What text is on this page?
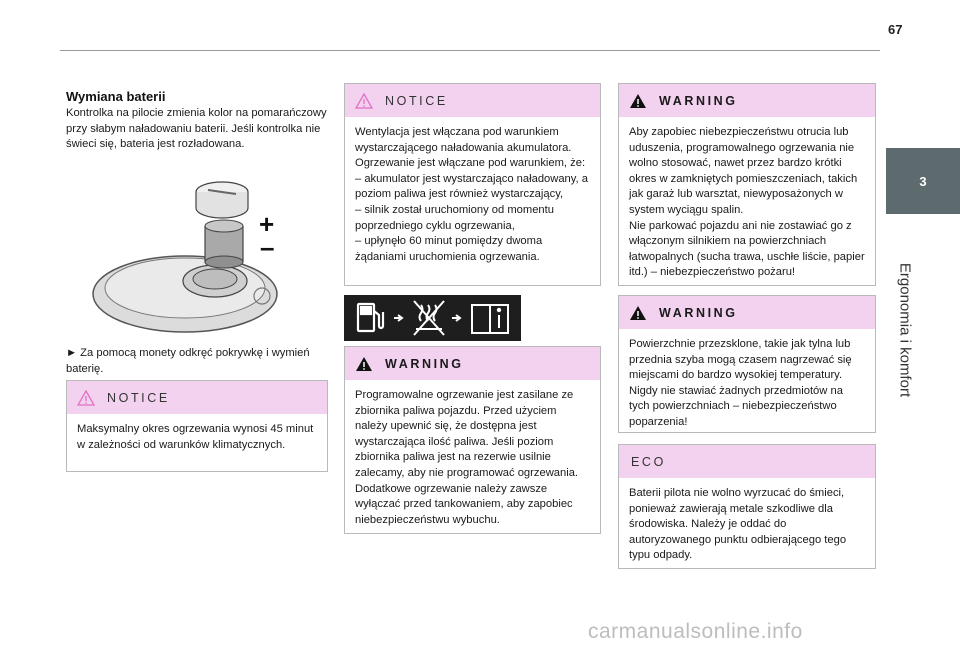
67
3
Ergonomia i komfort
Wymiana baterii

Kontrolka na pilocie zmienia kolor na pomarańczowy przy słabym naładowaniu baterii. Jeśli kontrolka nie świeci się, bateria jest rozładowana.

+
–

► Za pomocą monety odkręć pokrywkę i wymień baterię.

NOTICE
Maksymalny okres ogrzewania wynosi 45 minut w zależności od warunków klimatycznych.
NOTICE

Wentylacja jest włączana pod warunkiem wystarczającego naładowania akumulatora.

Ogrzewanie jest włączane pod warunkiem, że:

– akumulator jest wystarczająco naładowany, a poziom paliwa jest również wystarczający,

– silnik został uruchomiony od momentu poprzedniego cyklu ogrzewania,

– upłynęło 60 minut pomiędzy dwoma żądaniami uruchomienia ogrzewania.

WARNING
Programowalne ogrzewanie jest zasilane ze zbiornika paliwa pojazdu. Przed użyciem należy upewnić się, że dostępna jest wystarczająca ilość paliwa. Jeśli poziom zbiornika paliwa jest na rezerwie usilnie zalecamy, aby nie programować ogrzewania. Dodatkowe ogrzewanie należy zawsze wyłączać przed tankowaniem, aby zapobiec niebezpieczeństwu wybuchu.
WARNING

Aby zapobiec niebezpieczeństwu otrucia lub uduszenia, programowalnego ogrzewania nie wolno stosować, nawet przez bardzo krótki okres w zamkniętych pomieszczeniach, takich jak garaż lub warsztat, niewyposażonych w system wyciągu spalin.

Nie parkować pojazdu ani nie zostawiać go z włączonym silnikiem na powierzchniach łatwopalnych (sucha trawa, uschłe liście, papier itd.) – niebezpieczeństwo pożaru!

WARNING
Powierzchnie przezsklone, takie jak tylna lub przednia szyba mogą czasem nagrzewać się miejscami do bardzo wysokiej temperatury. Nigdy nie stawiać żadnych przedmiotów na tych powierzchniach – niebezpieczeństwo poparzenia!
ECO
Baterii pilota nie wolno wyrzucać do śmieci, ponieważ zawierają metale szkodliwe dla środowiska. Należy je oddać do autoryzowanego punktu odbierającego tego typu odpady.
carmanualsonline.info
